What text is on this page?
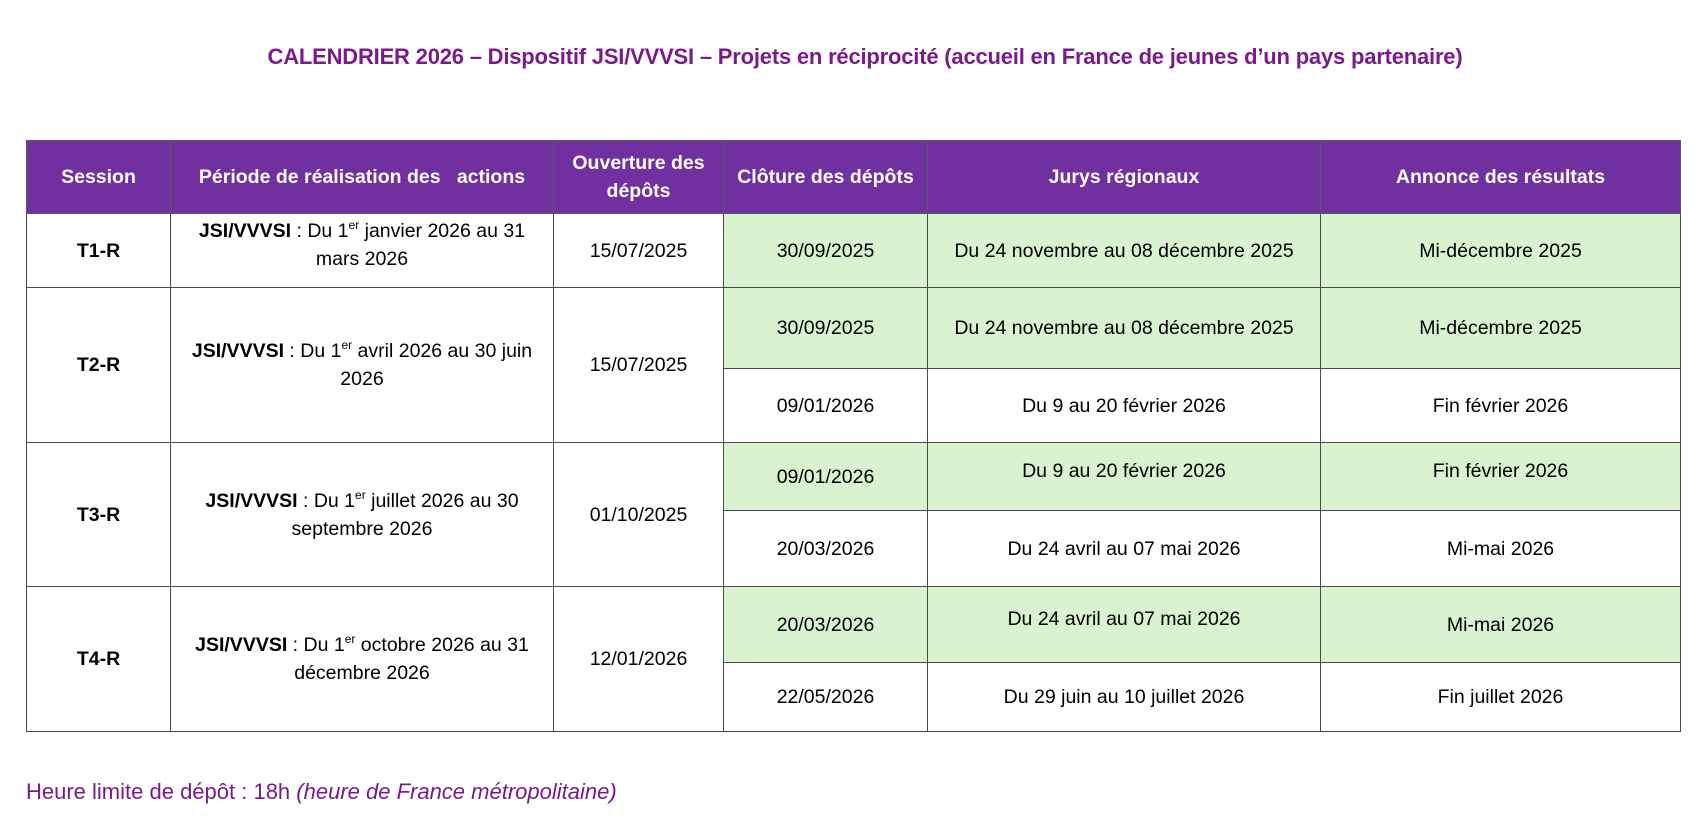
CALENDRIER 2026 – Dispositif JSI/VVVSI – Projets en réciprocité (accueil en France de jeunes d’un pays partenaire)
Session	Période de réalisation des   actions	Ouverture des dépôts	Clôture des dépôts	Jurys régionaux	Annonce des résultats
T1-R	JSI/VVVSI : Du 1er janvier 2026 au 31 mars 2026	15/07/2025	30/09/2025	Du 24 novembre au 08 décembre 2025	Mi-décembre 2025
T2-R	JSI/VVVSI : Du 1er avril 2026 au 30 juin 2026	15/07/2025	30/09/2025	Du 24 novembre au 08 décembre 2025	Mi-décembre 2025
			09/01/2026	Du 9 au 20 février 2026	Fin février 2026
T3-R	JSI/VVVSI : Du 1er juillet 2026 au 30 septembre 2026	01/10/2025	09/01/2026	Du 9 au 20 février 2026	Fin février 2026
			20/03/2026	Du 24 avril au 07 mai 2026	Mi-mai 2026
T4-R	JSI/VVVSI : Du 1er octobre 2026 au 31 décembre 2026	12/01/2026	20/03/2026	Du 24 avril au 07 mai 2026	Mi-mai 2026
			22/05/2026	Du 29 juin au 10 juillet 2026	Fin juillet 2026
Heure limite de dépôt : 18h (heure de France métropolitaine)
